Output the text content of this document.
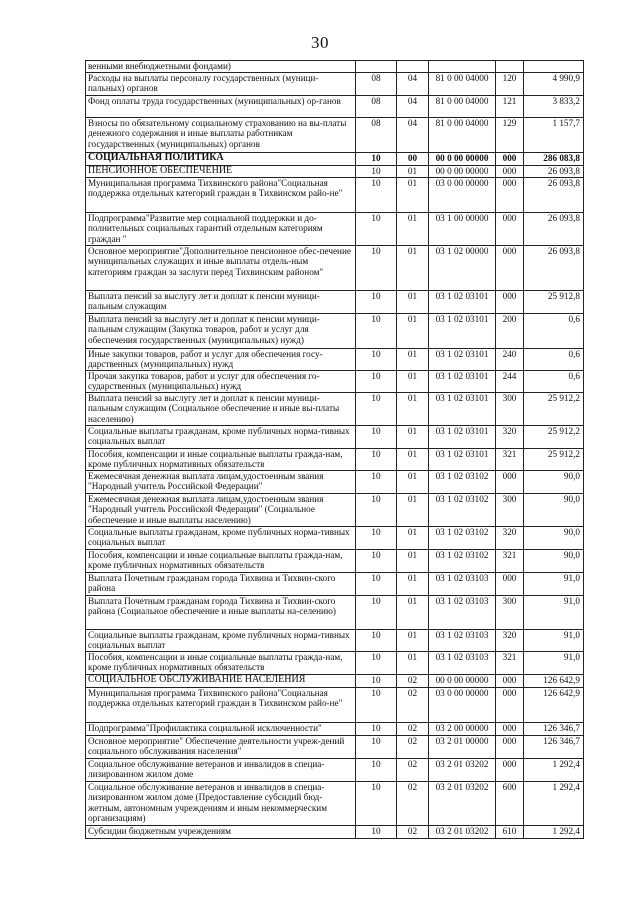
30
венными внебюджетными фондами)					
Расходы на выплаты персоналу государственных (муници-пальных) органов	08	04	81 0 00 04000	120	4 990,9
Фонд оплаты труда государственных (муниципальных) ор-ганов	08	04	81 0 00 04000	121	3 833,2
Взносы по обязательному социальному страхованию на вы-платы денежного содержания и иные выплаты работникам государственных (муниципальных) органов	08	04	81 0 00 04000	129	1 157,7
СОЦИАЛЬНАЯ ПОЛИТИКА	10	00	00 0 00 00000	000	286 083,8
ПЕНСИОННОЕ ОБЕСПЕЧЕНИЕ	10	01	00 0 00 00000	000	26 093,8
Муниципальная программа Тихвинского района"Социальная поддержка отдельных категорий граждан в Тихвинском райо-не"	10	01	03 0 00 00000	000	26 093,8
Подпрограмма"Развитие мер социальной поддержки и до-полнительных социальных гарантий отдельным категориям граждан "	10	01	03 1 00 00000	000	26 093,8
Основное мероприятие"Дополнительное пенсионное обес-печение муниципальных служащих и иные выплаты отдель-ным категориям граждан за заслуги перед Тихвинским районом"	10	01	03 1 02 00000	000	26 093,8
Выплата пенсий за выслугу лет и доплат к пенсии муници-пальным служащим	10	01	03 1 02 03101	000	25 912,8
Выплата пенсий за выслугу лет и доплат к пенсии муници-пальным служащим (Закупка товаров, работ и услуг для обеспечения государственных (муниципальных) нужд)	10	01	03 1 02 03101	200	0,6
Иные закупки товаров, работ и услуг для обеспечения госу-дарственных (муниципальных) нужд	10	01	03 1 02 03101	240	0,6
Прочая закупка товаров, работ и услуг для обеспечения го-сударственных (муниципальных) нужд	10	01	03 1 02 03101	244	0,6
Выплата пенсий за выслугу лет и доплат к пенсии муници-пальным служащим (Социальное обеспечение и иные вы-платы населению)	10	01	03 1 02 03101	300	25 912,2
Социальные выплаты гражданам, кроме публичных норма-тивных социальных выплат	10	01	03 1 02 03101	320	25 912,2
Пособия, компенсации и иные социальные выплаты гражда-нам, кроме публичных нормативных обязательств	10	01	03 1 02 03101	321	25 912,2
Ежемесячная денежная выплата лицам,удостоенным звания "Народный учитель Российской Федерации"	10	01	03 1 02 03102	000	90,0
Ежемесячная денежная выплата лицам,удостоенным звания "Народный учитель Российской Федерации" (Социальное обеспечение и иные выплаты населению)	10	01	03 1 02 03102	300	90,0
Социальные выплаты гражданам, кроме публичных норма-тивных социальных выплат	10	01	03 1 02 03102	320	90,0
Пособия, компенсации и иные социальные выплаты гражда-нам, кроме публичных нормативных обязательств	10	01	03 1 02 03102	321	90,0
Выплата Почетным гражданам города Тихвина и Тихвин-ского района	10	01	03 1 02 03103	000	91,0
Выплата Почетным гражданам города Тихвина и Тихвин-ского района (Социальное обеспечение и иные выплаты на-селению)	10	01	03 1 02 03103	300	91,0
Социальные выплаты гражданам, кроме публичных норма-тивных социальных выплат	10	01	03 1 02 03103	320	91,0
Пособия, компенсации и иные социальные выплаты гражда-нам, кроме публичных нормативных обязательств	10	01	03 1 02 03103	321	91,0
СОЦИАЛЬНОЕ ОБСЛУЖИВАНИЕ НАСЕЛЕНИЯ	10	02	00 0 00 00000	000	126 642,9
Муниципальная программа Тихвинского района"Социальная поддержка отдельных категорий граждан в Тихвинском райо-не"	10	02	03 0 00 00000	000	126 642,9
Подпрограмма"Профилактика социальной исключенности"	10	02	03 2 00 00000	000	126 346,7
Основное мероприятие" Обеспечение деятельности учреж-дений социального обслуживания населения"	10	02	03 2 01 00000	000	126 346,7
Социальное обслуживание ветеранов и инвалидов в специа-лизированном жилом доме	10	02	03 2 01 03202	000	1 292,4
Социальное обслуживание ветеранов и инвалидов в специа-лизированном жилом доме (Предоставление субсидий бюд-жетным, автономным учреждениям и иным некоммерческим организациям)	10	02	03 2 01 03202	600	1 292,4
Субсидии бюджетным учреждениям	10	02	03 2 01 03202	610	1 292,4
